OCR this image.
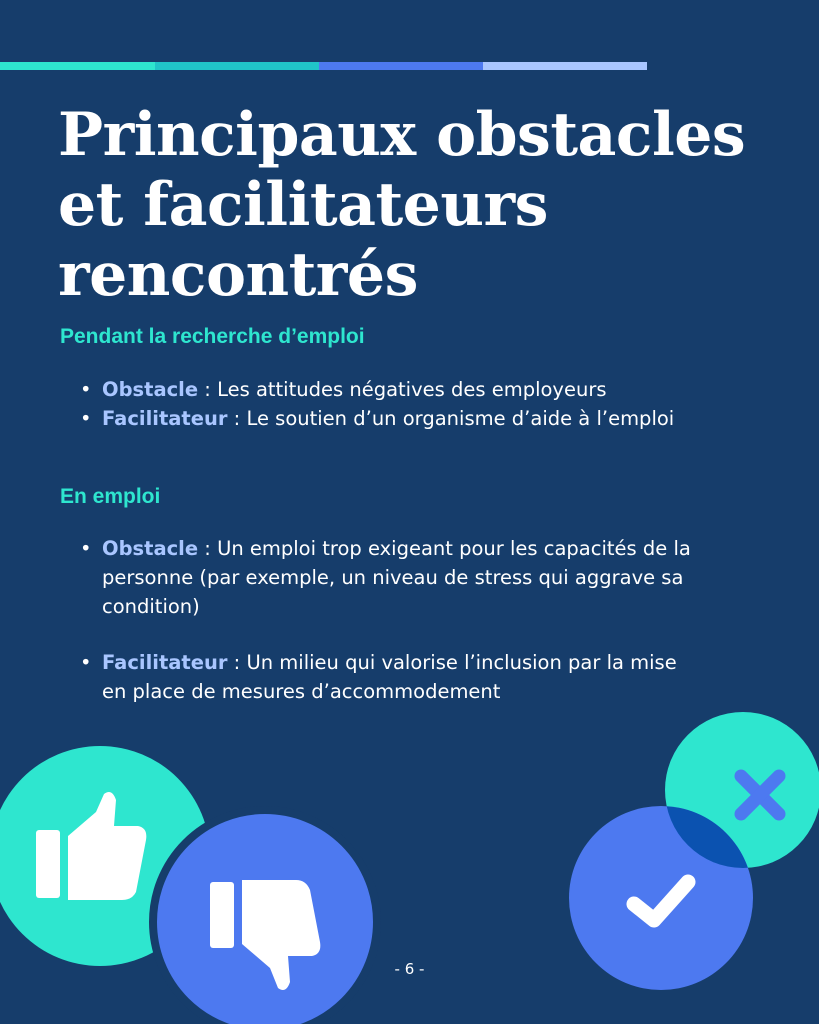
Principaux obstacles
et facilitateurs
rencontrés
Pendant la recherche d’emploi
• Obstacle : Les attitudes négatives des employeurs
• Facilitateur : Le soutien d’un organisme d’aide à l’emploi
En emploi
• Obstacle : Un emploi trop exigeant pour les capacités de la personne (par exemple, un niveau de stress qui aggrave sa condition)
• Facilitateur : Un milieu qui valorise l’inclusion par la mise en place de mesures d’accommodement
- 6 -
